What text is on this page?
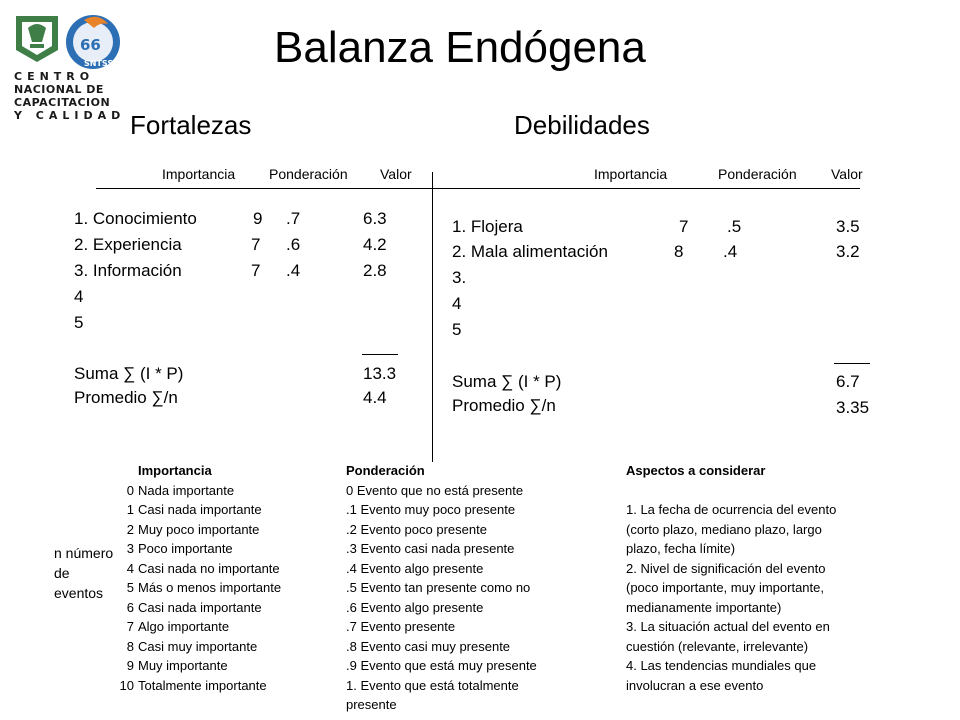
66
SNTSS
CENTRO
NACIONAL DE
CAPACITACION
Y CALIDAD
Balanza Endógena
Fortalezas	Debilidades
Importancia Ponderación Valor	Importancia	Ponderación Valor
1. Conocimiento	9 .7	6.3
2. Experiencia	7 .6	4.2
3. Información	7 .4	2.8
4
5
Suma ∑ (I * P)	13.3
Promedio ∑/n	4.4
1. Flojera	7 .5	3.5
2. Mala alimentación	8 .4	3.2
3.
4
5
Suma ∑ (I * P)	6.7
Promedio ∑/n	3.35
n número de eventos
Importancia
0 Nada importante
1 Casi nada importante
2 Muy poco importante
3 Poco importante
4 Casi nada no importante
5 Más o menos importante
6 Casi nada importante
7 Algo importante
8 Casi muy importante
9 Muy importante
10 Totalmente importante
Ponderación
0 Evento que no está presente
.1 Evento muy poco presente
.2 Evento poco presente
.3 Evento casi nada presente
.4 Evento algo presente
.5 Evento tan presente como no
.6 Evento algo presente
.7 Evento presente
.8 Evento casi muy presente
.9 Evento que está muy presente
1. Evento que está totalmente
presente
Aspectos a considerar
1. La fecha de ocurrencia del evento
(corto plazo, mediano plazo, largo
plazo, fecha límite)
2. Nivel de significación del evento
(poco importante, muy importante,
medianamente importante)
3. La situación actual del evento en
cuestión (relevante, irrelevante)
4. Las tendencias mundiales que
involucran a ese evento
